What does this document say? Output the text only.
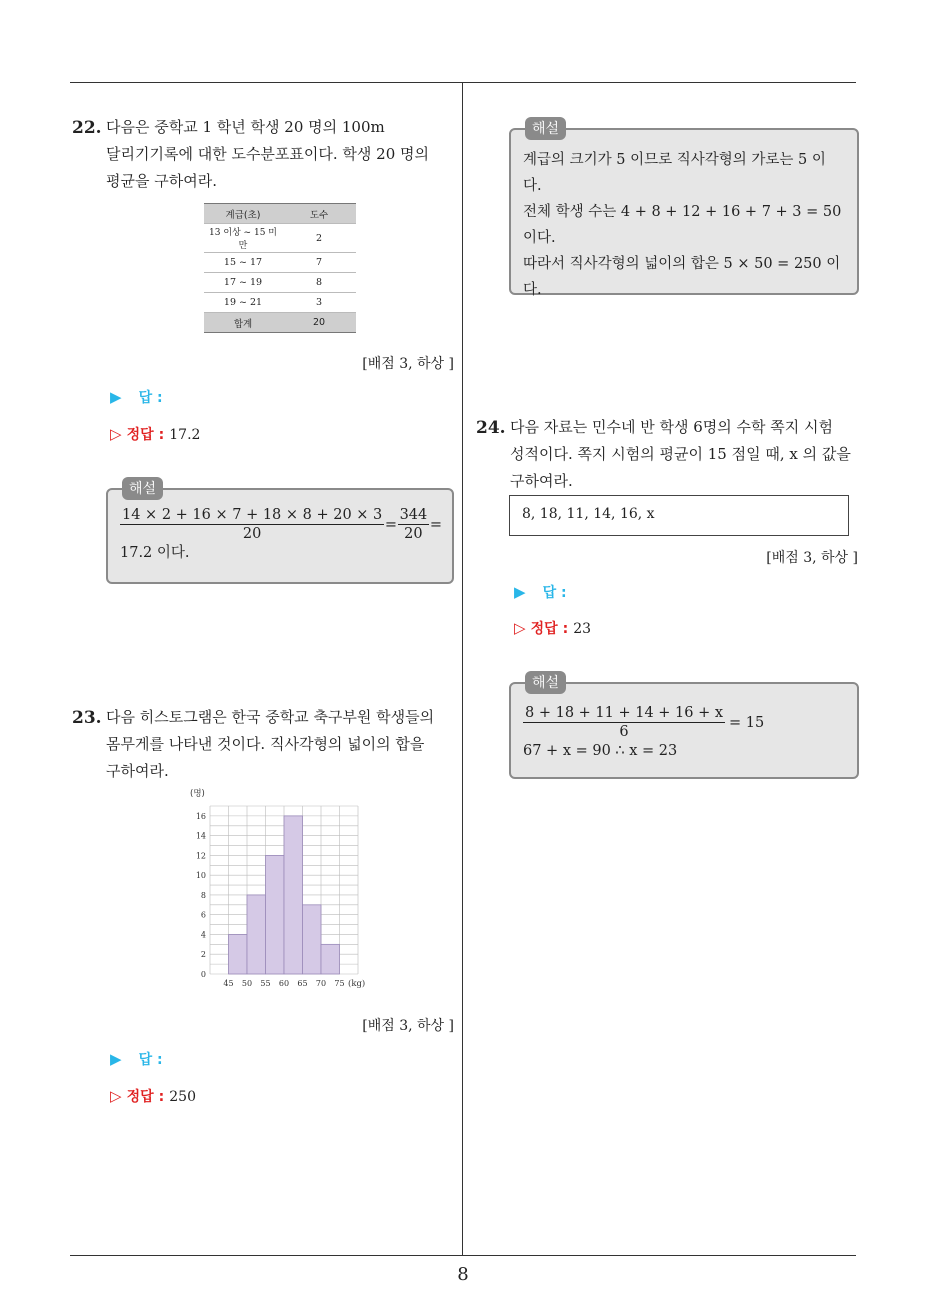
8
22. 다음은 중학교 1 학년 학생 20 명의 100m
달리기기록에 대한 도수분포표이다. 학생 20 명의
평균을 구하여라.
계급(초)	도수
13 이상 ~ 15 미만	2
15 ~ 17	7
17 ~ 19	8
19 ~ 21	3
합계	20
[배점 3, 하상 ]
▶ 답 :
▷ 정답 : 17.2
해설
$\frac{14 \times 2 + 16 \times 7 + 18 \times 8 + 20 \times 3}{20} = \frac{344}{20}$ =
17.2 이다.
23. 다음 히스토그램은 한국 중학교 축구부원 학생들의
몸무게를 나타낸 것이다. 직사각형의 넓이의 합을
구하여라.
0
2
4
6
8
10
12
14
16
45 50 55 60 65 70 75
(명)
(kg)
[배점 3, 하상 ]
▶ 답 :
▷ 정답 : 250
해설
계급의 크기가 5 이므로 직사각형의 가로는 5 이
다.
전체 학생 수는 4 + 8 + 12 + 16 + 7 + 3 = 50 이다.
따라서 직사각형의 넓이의 합은 5 × 50 = 250 이
다.
24. 다음 자료는 민수네 반 학생 6명의 수학 쪽지 시험
성적이다. 쪽지 시험의 평균이 15 점일 때, x 의 값을
구하여라.
8, 18, 11, 14, 16, x
[배점 3, 하상 ]
▶ 답 :
▷ 정답 : 23
해설
$\frac{8 + 18 + 11 + 14 + 16 + x}{6} = 15$
67 + x = 90 ∴ x = 23
